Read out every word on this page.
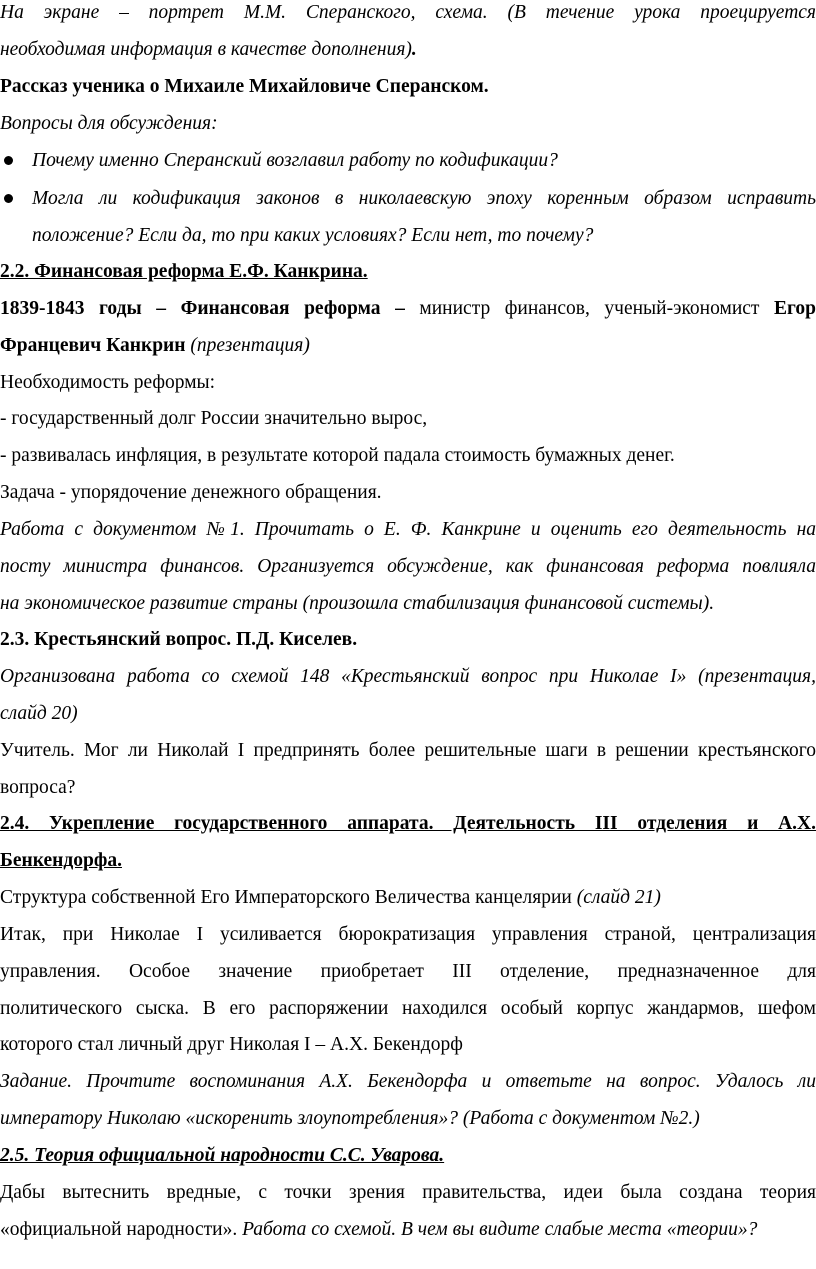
На экране – портрет М.М. Сперанского, схема. (В течение урока проецируется
необходимая информация в качестве дополнения).
Рассказ ученика о Михаиле Михайловиче Сперанском.
Вопросы для обсуждения:
Почему именно Сперанский возглавил работу по кодификации?
Могла ли кодификация законов в николаевскую эпоху коренным образом исправить
положение? Если да, то при каких условиях? Если нет, то почему?
2.2. Финансовая реформа Е.Ф. Канкрина.
1839-1843 годы – Финансовая реформа – министр финансов, ученый-экономист Егор
Францевич Канкрин (презентация)
Необходимость реформы:
- государственный долг России значительно вырос,
- развивалась инфляция, в результате которой падала стоимость бумажных денег.
Задача - упорядочение денежного обращения.
Работа с документом №1. Прочитать о Е. Ф. Канкрине и оценить его деятельность на
посту министра финансов. Организуется обсуждение, как финансовая реформа повлияла
на экономическое развитие страны (произошла стабилизация финансовой системы).
2.3. Крестьянский вопрос. П.Д. Киселев.
Организована работа со схемой 148 «Крестьянский вопрос при Николае I» (презентация,
слайд 20)
Учитель. Мог ли Николай I предпринять более решительные шаги в решении крестьянского
вопроса?
2.4. Укрепление государственного аппарата. Деятельность III отделения и А.Х.
Бенкендорфа.
Структура собственной Его Императорского Величества канцелярии (слайд 21)
Итак, при Николае I усиливается бюрократизация управления страной, централизация
управления. Особое значение приобретает III отделение, предназначенное для
политического сыска. В его распоряжении находился особый корпус жандармов, шефом
которого стал личный друг Николая I – А.Х. Бекендорф
Задание. Прочтите воспоминания А.Х. Бекендорфа и ответьте на вопрос. Удалось ли
императору Николаю «искоренить злоупотребления»? (Работа с документом №2.)
2.5. Теория официальной народности С.С. Уварова.
Дабы вытеснить вредные, с точки зрения правительства, идеи была создана теория
«официальной народности». Работа со схемой. В чем вы видите слабые места «теории»?
